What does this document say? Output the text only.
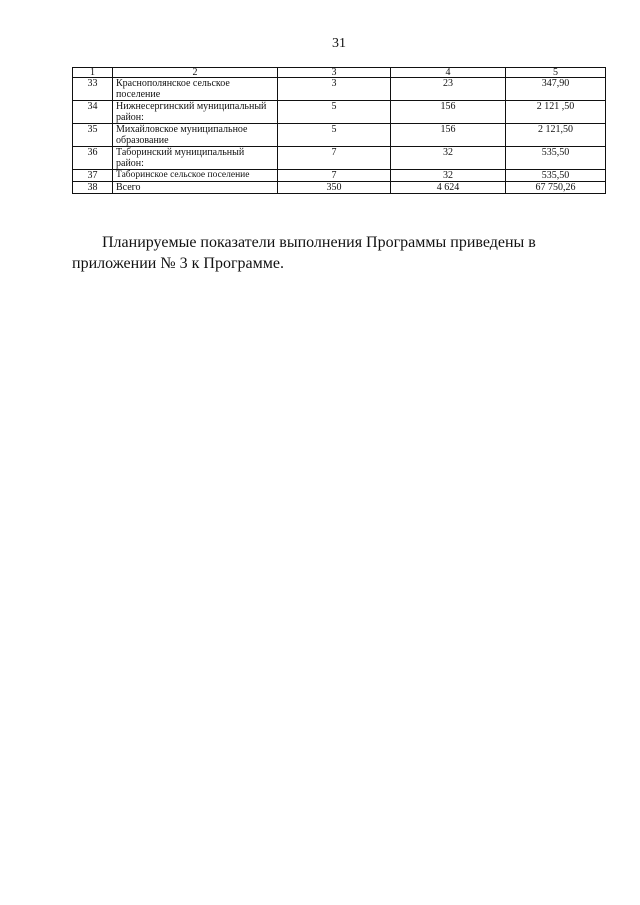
31
1	2	3	4	5
33	Краснополянское сельское поселение	3	23	347,90
34	Нижнесергинский муниципальный район:	5	156	2 121 ,50
35	Михайловское муниципальное образование	5	156	2 121,50
36	Таборинский муниципальный район:	7	32	535,50
37	Таборинское сельское поселение	7	32	535,50
38	Всего	350	4 624	67 750,26
Планируемые показатели выполнения Программы приведены в приложении № 3 к Программе.
